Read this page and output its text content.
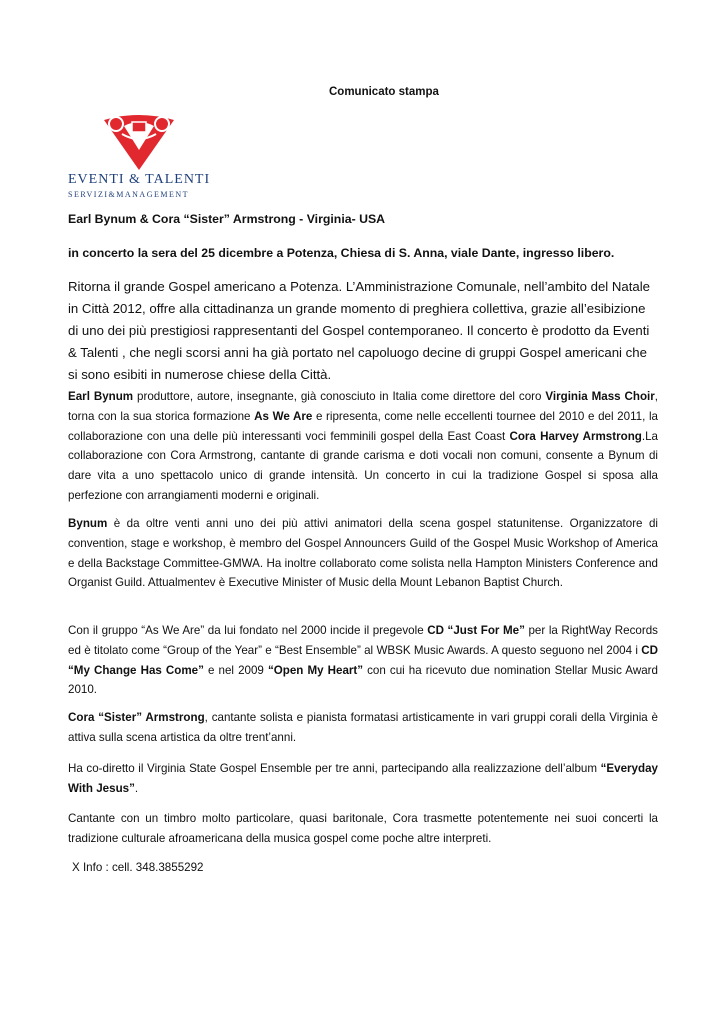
Comunicato stampa

EVENTI & TALENTI
SERVIZI&MANAGEMENT

Earl Bynum & Cora “Sister” Armstrong - Virginia- USA

in concerto la sera del 25 dicembre a Potenza, Chiesa di S. Anna, viale Dante, ingresso libero.

Ritorna il grande Gospel americano a Potenza. L’Amministrazione Comunale, nell’ambito del Natale in Città 2012, offre alla cittadinanza un grande momento di preghiera collettiva, grazie all’esibizione di uno dei più prestigiosi rappresentanti del Gospel contemporaneo. Il concerto è prodotto da Eventi & Talenti , che negli scorsi anni ha già portato nel capoluogo decine di gruppi Gospel americani che si sono esibiti in numerose chiese della Città.

Earl Bynum produttore, autore, insegnante, già conosciuto in Italia come direttore del coro Virginia Mass Choir, torna con la sua storica formazione As We Are e ripresenta, come nelle eccellenti tournee del 2010 e del 2011, la collaborazione con una delle più interessanti voci femminili gospel della East Coast Cora Harvey Armstrong.La collaborazione con Cora Armstrong, cantante di grande carisma e doti vocali non comuni, consente a Bynum di dare vita a uno spettacolo unico di grande intensità. Un concerto in cui la tradizione Gospel si sposa alla perfezione con arrangiamenti moderni e originali.

Bynum è da oltre venti anni uno dei più attivi animatori della scena gospel statunitense. Organizzatore di convention, stage e workshop, è membro del Gospel Announcers Guild of the Gospel Music Workshop of America e della Backstage Committee-GMWA. Ha inoltre collaborato come solista nella Hampton Ministers Conference and Organist Guild. Attualmentev è Executive Minister of Music della Mount Lebanon Baptist Church.

Con il gruppo “As We Are” da lui fondato nel 2000 incide il pregevole CD “Just For Me” per la RightWay Records ed è titolato come “Group of the Year” e “Best Ensemble” al WBSK Music Awards. A questo seguono nel 2004 i CD “My Change Has Come” e nel 2009 “Open My Heart” con cui ha ricevuto due nomination Stellar Music Award 2010.

Cora “Sister” Armstrong, cantante solista e pianista formatasi artisticamente in vari gruppi corali della Virginia è attiva sulla scena artistica da oltre trent’anni.

Ha co-diretto il Virginia State Gospel Ensemble per tre anni, partecipando alla realizzazione dell’album “Everyday With Jesus”.

Cantante con un timbro molto particolare, quasi baritonale, Cora trasmette potentemente nei suoi concerti la tradizione culturale afroamericana della musica gospel come poche altre interpreti.

X Info : cell. 348.3855292
